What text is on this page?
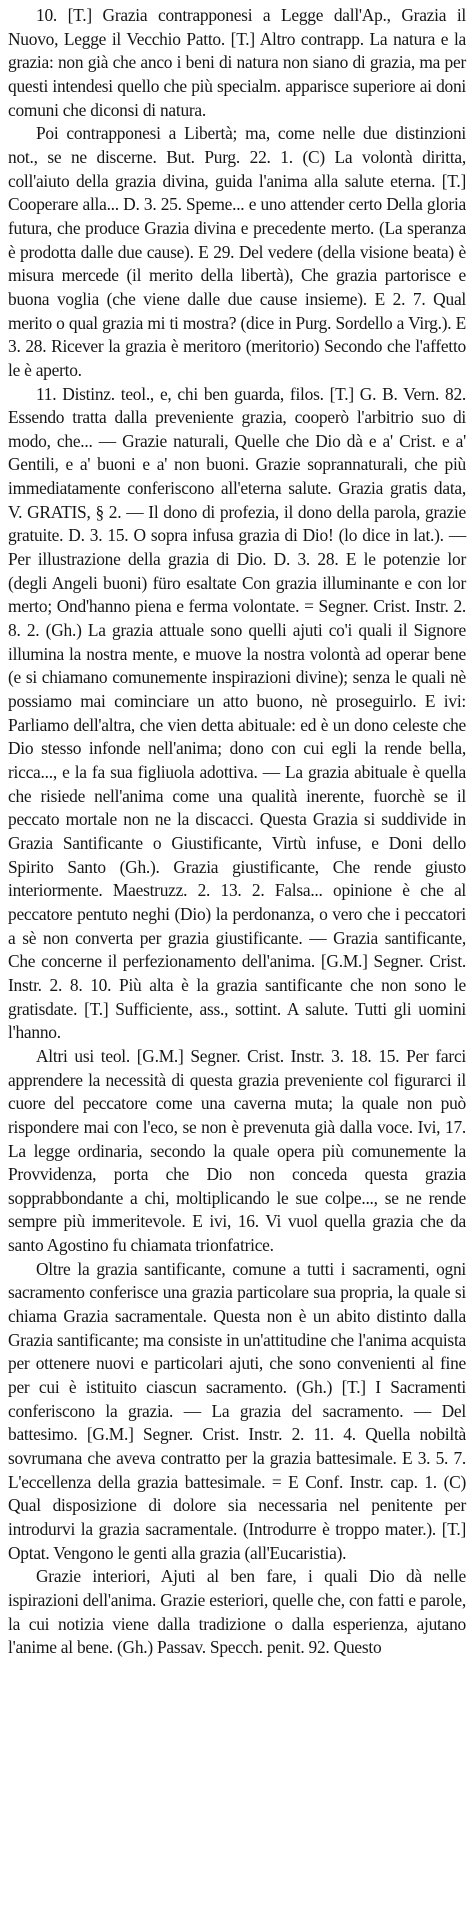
10. [T.] Grazia contrapponesi a Legge dall'Ap., Grazia il Nuovo, Legge il Vecchio Patto. [T.] Altro contrapp. La natura e la grazia: non già che anco i beni di natura non siano di grazia, ma per questi intendesi quello che più specialm. apparisce superiore ai doni comuni che diconsi di natura.

Poi contrapponesi a Libertà; ma, come nelle due distinzioni not., se ne discerne. But. Purg. 22. 1. (C) La volontà diritta, coll'aiuto della grazia divina, guida l'anima alla salute eterna. [T.] Cooperare alla... D. 3. 25. Speme... e uno attender certo Della gloria futura, che produce Grazia divina e precedente merto. (La speranza è prodotta dalle due cause). E 29. Del vedere (della visione beata) è misura mercede (il merito della libertà), Che grazia partorisce e buona voglia (che viene dalle due cause insieme). E 2. 7. Qual merito o qual grazia mi ti mostra? (dice in Purg. Sordello a Virg.). E 3. 28. Ricever la grazia è meritoro (meritorio) Secondo che l'affetto le è aperto.

11. Distinz. teol., e, chi ben guarda, filos. [T.] G. B. Vern. 82. Essendo tratta dalla preveniente grazia, cooperò l'arbitrio suo di modo, che... — Grazie naturali, Quelle che Dio dà e a' Crist. e a' Gentili, e a' buoni e a' non buoni. Grazie soprannaturali, che più immediatamente conferiscono all'eterna salute. Grazia gratis data, V. GRATIS, § 2. — Il dono di profezia, il dono della parola, grazie gratuite. D. 3. 15. O sopra infusa grazia di Dio! (lo dice in lat.). — Per illustrazione della grazia di Dio. D. 3. 28. E le potenzie lor (degli Angeli buoni) füro esaltate Con grazia illuminante e con lor merto; Ond'hanno piena e ferma volontate. = Segner. Crist. Instr. 2. 8. 2. (Gh.) La grazia attuale sono quelli ajuti co'i quali il Signore illumina la nostra mente, e muove la nostra volontà ad operar bene (e si chiamano comunemente inspirazioni divine); senza le quali nè possiamo mai cominciare un atto buono, nè proseguirlo. E ivi: Parliamo dell'altra, che vien detta abituale: ed è un dono celeste che Dio stesso infonde nell'anima; dono con cui egli la rende bella, ricca..., e la fa sua figliuola adottiva. — La grazia abituale è quella che risiede nell'anima come una qualità inerente, fuorchè se il peccato mortale non ne la discacci. Questa Grazia si suddivide in Grazia Santificante o Giustificante, Virtù infuse, e Doni dello Spirito Santo (Gh.). Grazia giustificante, Che rende giusto interiormente. Maestruzz. 2. 13. 2. Falsa... opinione è che al peccatore pentuto neghi (Dio) la perdonanza, o vero che i peccatori a sè non converta per grazia giustificante. — Grazia santificante, Che concerne il perfezionamento dell'anima. [G.M.] Segner. Crist. Instr. 2. 8. 10. Più alta è la grazia santificante che non sono le gratisdate. [T.] Sufficiente, ass., sottint. A salute. Tutti gli uomini l'hanno.

Altri usi teol. [G.M.] Segner. Crist. Instr. 3. 18. 15. Per farci apprendere la necessità di questa grazia preveniente col figurarci il cuore del peccatore come una caverna muta; la quale non può rispondere mai con l'eco, se non è prevenuta già dalla voce. Ivi, 17. La legge ordinaria, secondo la quale opera più comunemente la Provvidenza, porta che Dio non conceda questa grazia sopprabbondante a chi, moltiplicando le sue colpe..., se ne rende sempre più immeritevole. E ivi, 16. Vi vuol quella grazia che da santo Agostino fu chiamata trionfatrice.

Oltre la grazia santificante, comune a tutti i sacramenti, ogni sacramento conferisce una grazia particolare sua propria, la quale si chiama Grazia sacramentale. Questa non è un abito distinto dalla Grazia santificante; ma consiste in un'attitudine che l'anima acquista per ottenere nuovi e particolari ajuti, che sono convenienti al fine per cui è istituito ciascun sacramento. (Gh.) [T.] I Sacramenti conferiscono la grazia. — La grazia del sacramento. — Del battesimo. [G.M.] Segner. Crist. Instr. 2. 11. 4. Quella nobiltà sovrumana che aveva contratto per la grazia battesimale. E 3. 5. 7. L'eccellenza della grazia battesimale. = E Conf. Instr. cap. 1. (C) Qual disposizione di dolore sia necessaria nel penitente per introdurvi la grazia sacramentale. (Introdurre è troppo mater.). [T.] Optat. Vengono le genti alla grazia (all'Eucaristia).

Grazie interiori, Ajuti al ben fare, i quali Dio dà nelle ispirazioni dell'anima. Grazie esteriori, quelle che, con fatti e parole, la cui notizia viene dalla tradizione o dalla esperienza, ajutano l'anime al bene. (Gh.) Passav. Specch. penit. 92. Questo
